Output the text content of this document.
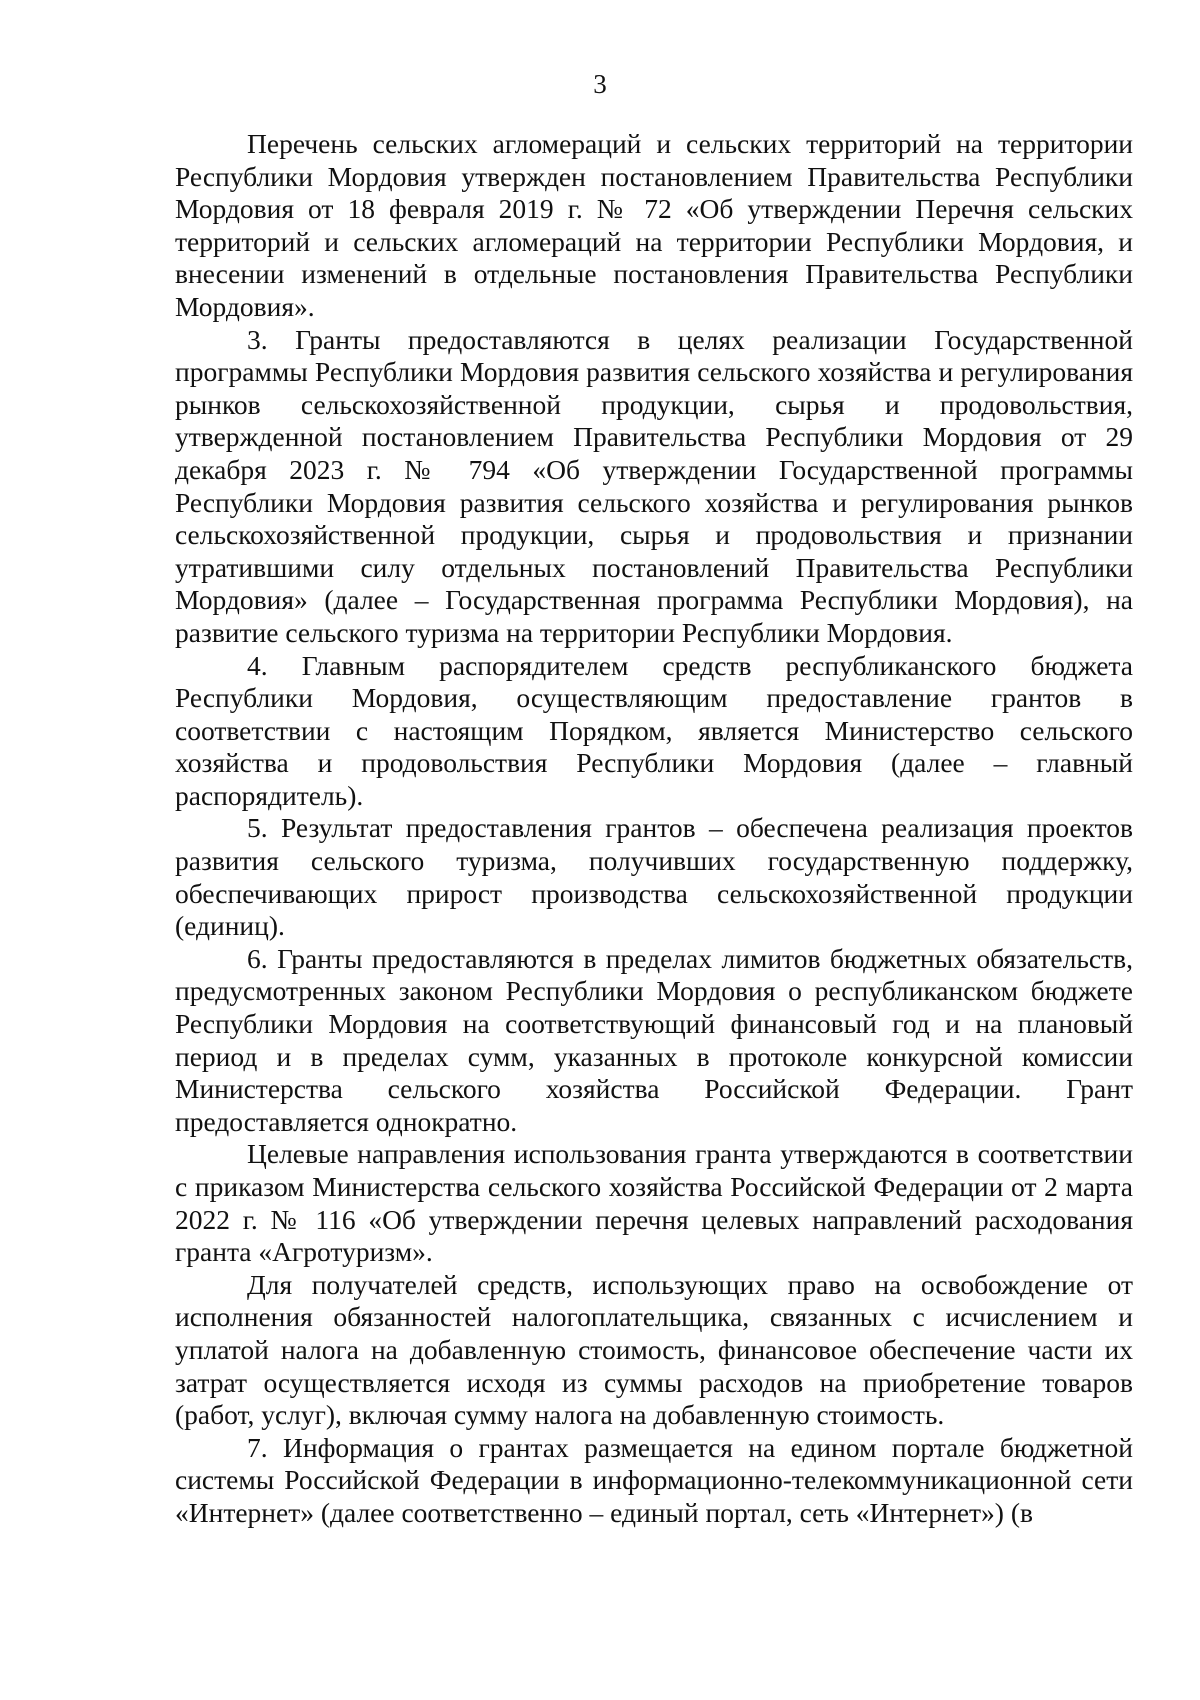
3

Перечень сельских агломераций и сельских территорий на территории Республики Мордовия утвержден постановлением Правительства Республики Мордовия от 18 февраля 2019 г. № 72 «Об утверждении Перечня сельских территорий и сельских агломераций на территории Республики Мордовия, и внесении изменений в отдельные постановления Правительства Республики Мордовия».

3. Гранты предоставляются в целях реализации Государственной программы Республики Мордовия развития сельского хозяйства и регулирования рынков сельскохозяйственной продукции, сырья и продовольствия, утвержденной постановлением Правительства Республики Мордовия от 29 декабря 2023 г. № 794 «Об утверждении Государственной программы Республики Мордовия развития сельского хозяйства и регулирования рынков сельскохозяйственной продукции, сырья и продовольствия и признании утратившими силу отдельных постановлений Правительства Республики Мордовия» (далее – Государственная программа Республики Мордовия), на развитие сельского туризма на территории Республики Мордовия.

4. Главным распорядителем средств республиканского бюджета Республики Мордовия, осуществляющим предоставление грантов в соответствии с настоящим Порядком, является Министерство сельского хозяйства и продовольствия Республики Мордовия (далее – главный распорядитель).

5. Результат предоставления грантов – обеспечена реализация проектов развития сельского туризма, получивших государственную поддержку, обеспечивающих прирост производства сельскохозяйственной продукции (единиц).

6. Гранты предоставляются в пределах лимитов бюджетных обязательств, предусмотренных законом Республики Мордовия о республиканском бюджете Республики Мордовия на соответствующий финансовый год и на плановый период и в пределах сумм, указанных в протоколе конкурсной комиссии Министерства сельского хозяйства Российской Федерации. Грант предоставляется однократно.

Целевые направления использования гранта утверждаются в соответствии с приказом Министерства сельского хозяйства Российской Федерации от 2 марта 2022 г. № 116 «Об утверждении перечня целевых направлений расходования гранта «Агротуризм».

Для получателей средств, использующих право на освобождение от исполнения обязанностей налогоплательщика, связанных с исчислением и уплатой налога на добавленную стоимость, финансовое обеспечение части их затрат осуществляется исходя из суммы расходов на приобретение товаров (работ, услуг), включая сумму налога на добавленную стоимость.

7. Информация о грантах размещается на едином портале бюджетной системы Российской Федерации в информационно-телекоммуникационной сети «Интернет» (далее соответственно – единый портал, сеть «Интернет») (в
